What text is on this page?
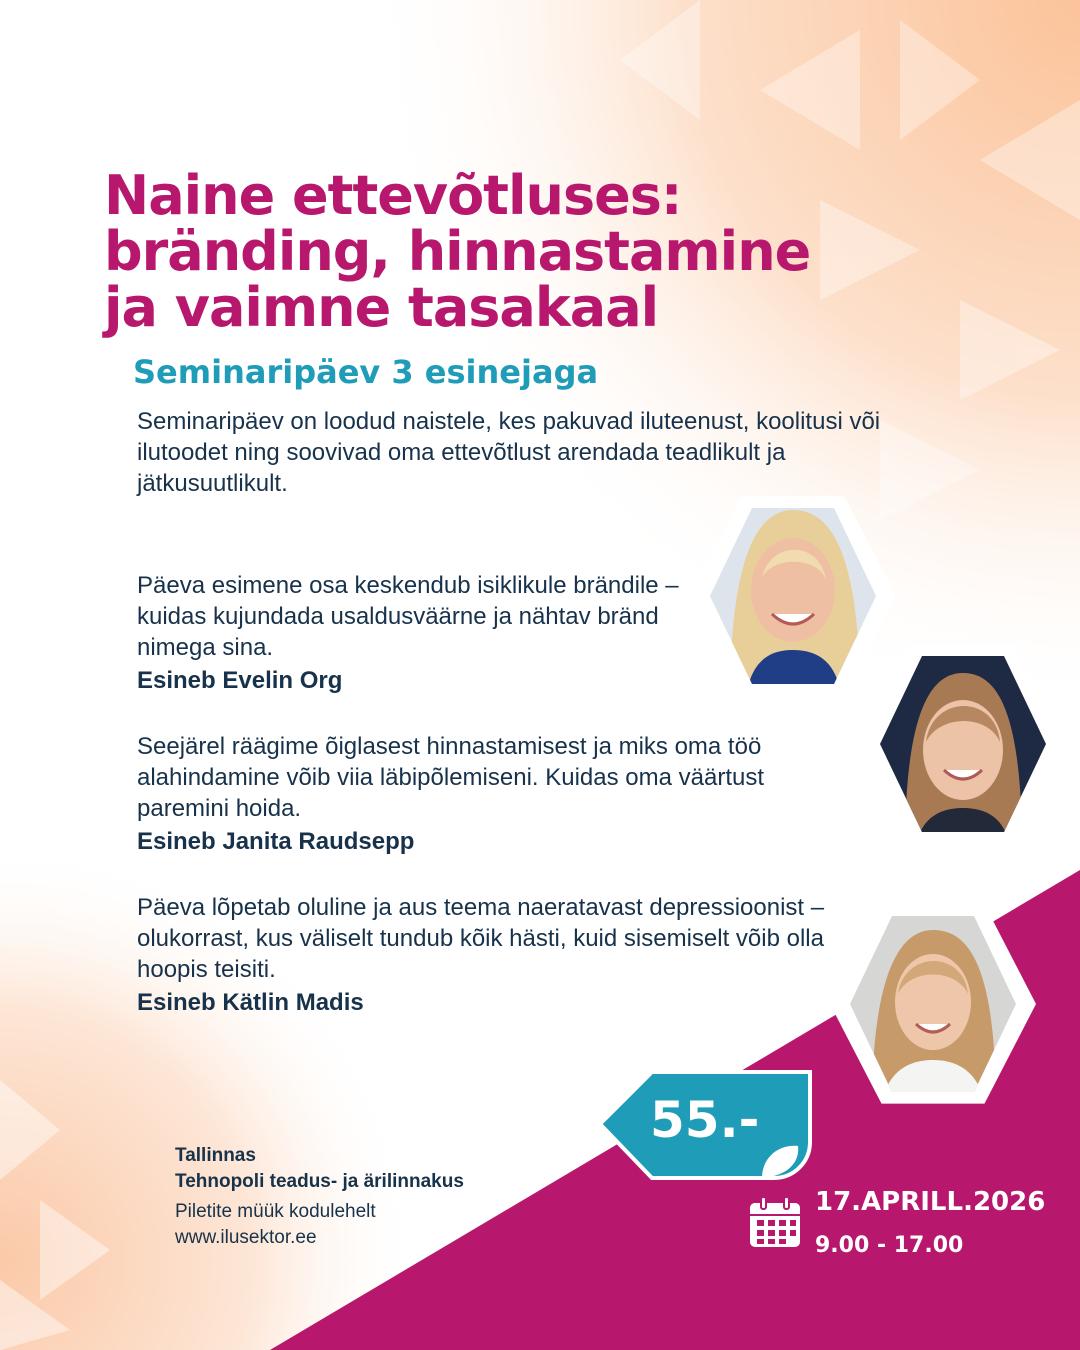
Naine ettevõtluses:
bränding, hinnastamine
ja vaimne tasakaal
Seminaripäev 3 esinejaga

Seminaripäev on loodud naistele, kes pakuvad iluteenust, koolitusi või ilutoodet ning soovivad oma ettevõtlust arendada teadlikult ja jätkusuutlikult.

Päeva esimene osa keskendub isiklikule brändile – kuidas kujundada usaldusväärne ja nähtav bränd nimega sina.

Esineb Evelin Org

Seejärel räägime õiglasest hinnastamisest ja miks oma töö alahindamine võib viia läbipõlemiseni. Kuidas oma väärtust paremini hoida.

Esineb Janita Raudsepp

Päeva lõpetab oluline ja aus teema naeratavast depressioonist – olukorrast, kus väliselt tundub kõik hästi, kuid sisemiselt võib olla hoopis teisiti.

Esineb Kätlin Madis
Tallinnas
Tehnopoli teadus- ja ärilinnakus
Piletite müük kodulehelt
www.ilusektor.ee
55.-
17.APRILL.2026
9.00 - 17.00
